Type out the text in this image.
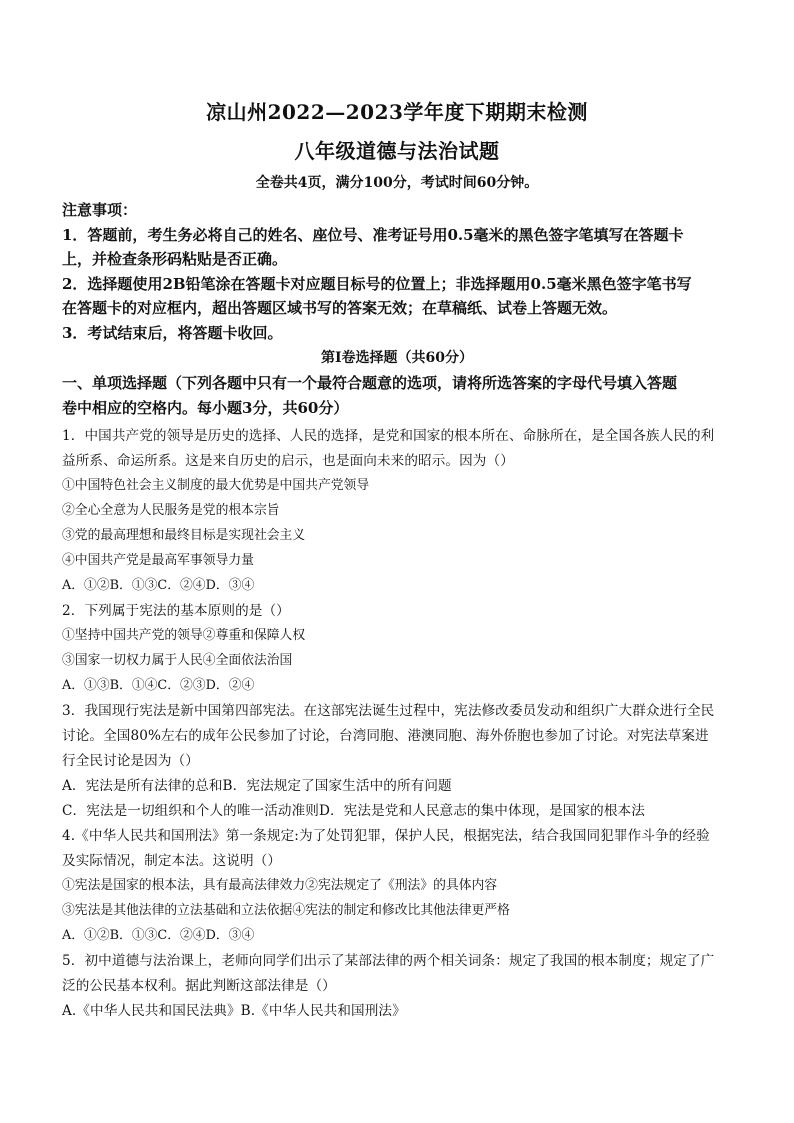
凉山州2022—2023学年度下期期末检测
八年级道德与法治试题
全卷共4页，满分100分，考试时间60分钟。
注意事项：
1．答题前，考生务必将自己的姓名、座位号、准考证号用0.5毫米的黑色签字笔填写在答题卡
上，并检查条形码粘贴是否正确。
2．选择题使用2B铅笔涂在答题卡对应题目标号的位置上；非选择题用0.5毫米黑色签字笔书写
在答题卡的对应框内，超出答题区域书写的答案无效；在草稿纸、试卷上答题无效。
3．考试结束后，将答题卡收回。
第Ⅰ卷选择题（共60分）
一、单项选择题（下列各题中只有一个最符合题意的选项，请将所选答案的字母代号填入答题
卷中相应的空格内。每小题3分，共60分）
1．中国共产党的领导是历史的选择、人民的选择，是党和国家的根本所在、命脉所在，是全国各族人民的利
益所系、命运所系。这是来自历史的启示，也是面向未来的昭示。因为（）
①中国特色社会主义制度的最大优势是中国共产党领导
②全心全意为人民服务是党的根本宗旨
③党的最高理想和最终目标是实现社会主义
④中国共产党是最高军事领导力量
A．①②B．①③C．②④D．③④
2．下列属于宪法的基本原则的是（）
①坚持中国共产党的领导②尊重和保障人权
③国家一切权力属于人民④全面依法治国
A．①③B．①④C．②③D．②④
3．我国现行宪法是新中国第四部宪法。在这部宪法诞生过程中，宪法修改委员发动和组织广大群众进行全民
讨论。全国80%左右的成年公民参加了讨论，台湾同胞、港澳同胞、海外侨胞也参加了讨论。对宪法草案进
行全民讨论是因为（）
A．宪法是所有法律的总和B．宪法规定了国家生活中的所有问题
C．宪法是一切组织和个人的唯一活动准则D．宪法是党和人民意志的集中体现，是国家的根本法
4.《中华人民共和国刑法》第一条规定:为了处罚犯罪，保护人民，根据宪法，结合我国同犯罪作斗争的经验
及实际情况，制定本法。这说明（）
①宪法是国家的根本法，具有最高法律效力②宪法规定了《刑法》的具体内容
③宪法是其他法律的立法基础和立法依据④宪法的制定和修改比其他法律更严格
A．①②B．①③C．②④D．③④
5．初中道德与法治课上，老师向同学们出示了某部法律的两个相关词条：规定了我国的根本制度；规定了广
泛的公民基本权利。据此判断这部法律是（）
A.《中华人民共和国民法典》B.《中华人民共和国刑法》
